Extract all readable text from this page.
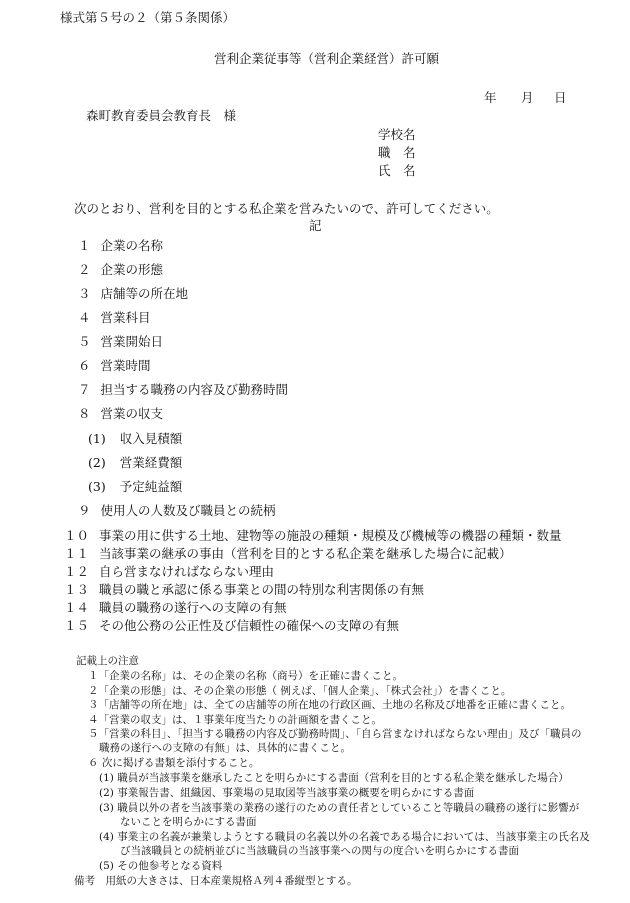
様式第５号の２（第５条関係）
営利企業従事等（営利企業経営）許可願
年 月 日
森町教育委員会教育長　様
学校名
職　名
氏　名
次のとおり、営利を目的とする私企業を営みたいので、許可してください。
記
１ 企業の名称
２ 企業の形態
３ 店舗等の所在地
４ 営業科目
５ 営業開始日
６ 営業時間
７ 担当する職務の内容及び勤務時間
８ 営業の収支
(1) 収入見積額
(2) 営業経費額
(3) 予定純益額
９ 使用人の人数及び職員との続柄
１０ 事業の用に供する土地、建物等の施設の種類・規模及び機械等の機器の種類・数量
１１ 当該事業の継承の事由（営利を目的とする私企業を継承した場合に記載）
１２ 自ら営まなければならない理由
１３ 職員の職と承認に係る事業との間の特別な利害関係の有無
１４ 職員の職務の遂行への支障の有無
１５ その他公務の公正性及び信頼性の確保への支障の有無
記載上の注意
１「企業の名称」は、その企業の名称（商号）を正確に書くこと。
２「企業の形態」は、その企業の形態（ 例えば、「個人企業」、「株式会社」）を書くこと。
３「店舗等の所在地」は、全ての店舗等の所在地の行政区画、土地の名称及び地番を正確に書くこと。
４「営業の収支」は、１事業年度当たりの計画額を書くこと。
５「営業の科目」、「担当する職務の内容及び勤務時間」、「自ら営まなければならない理由」及び「職員の
職務の遂行への支障の有無」は、具体的に書くこと。
６ 次に掲げる書類を添付すること。
(1) 職員が当該事業を継承したことを明らかにする書面（営利を目的とする私企業を継承した場合）
(2) 事業報告書、組織図、事業場の見取図等当該事業の概要を明らかにする書面
(3) 職員以外の者を当該事業の業務の遂行のための責任者としていること等職員の職務の遂行に影響が
ないことを明らかにする書面
(4) 事業主の名義が兼業しようとする職員の名義以外の名義である場合においては、当該事業主の氏名及
び当該職員との続柄並びに当該職員の当該事業への関与の度合いを明らかにする書面
(5) その他参考となる資料
備考　用紙の大きさは、日本産業規格Ａ列４番縦型とする。
